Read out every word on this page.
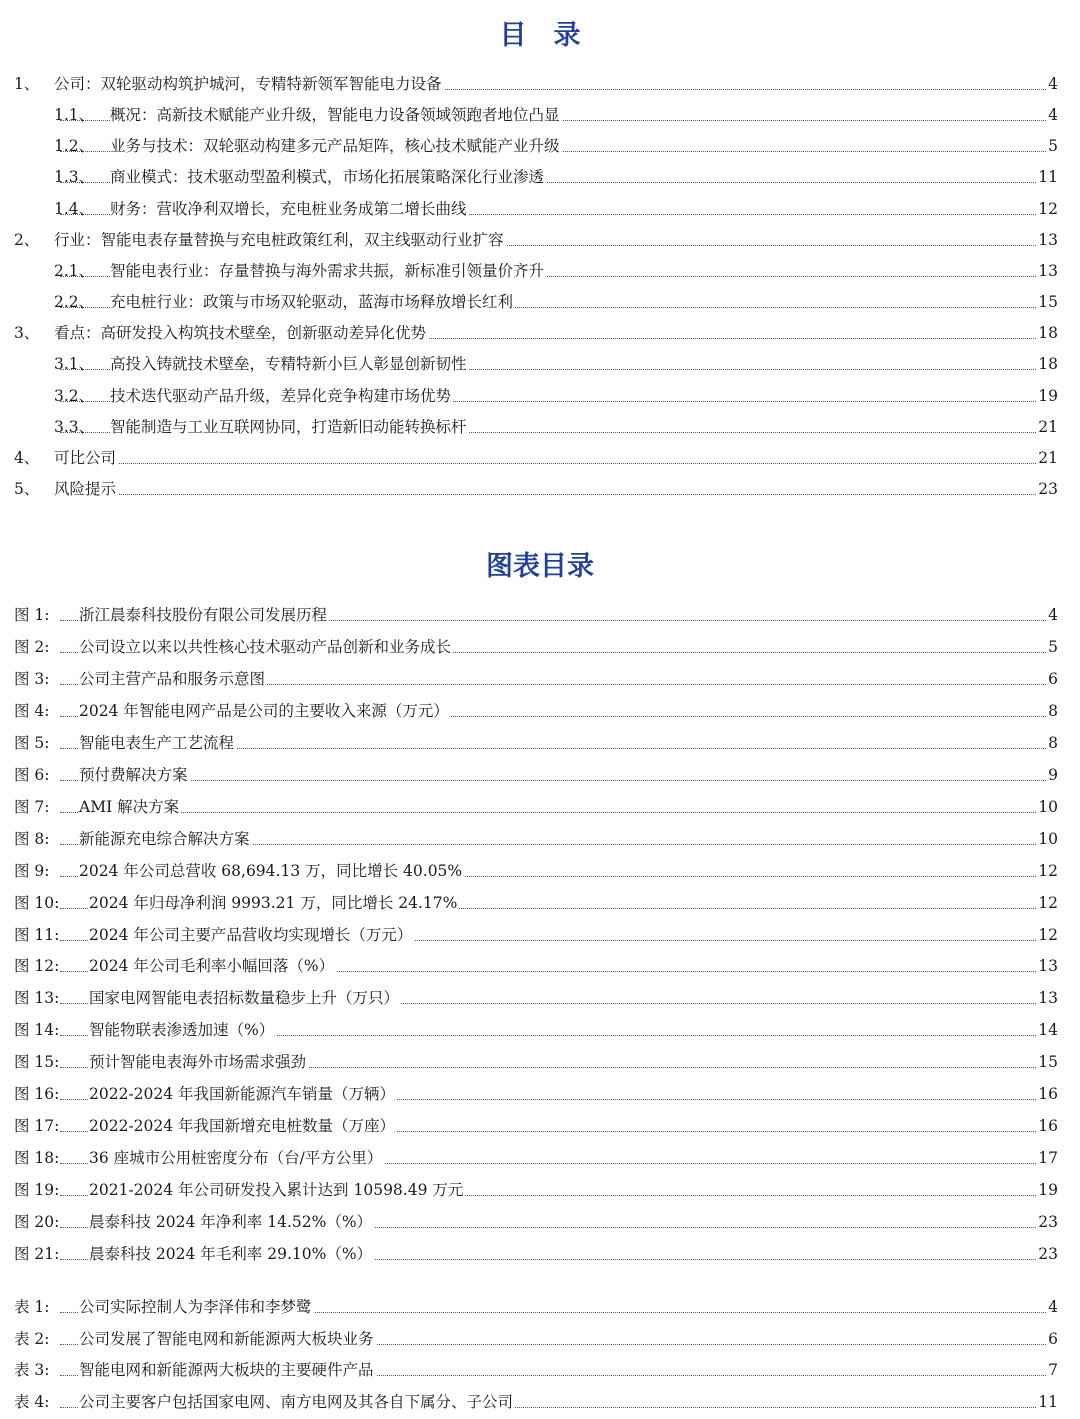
目　录
1、 公司：双轮驱动构筑护城河，专精特新领军智能电力设备	4
1.1、 概况：高新技术赋能产业升级，智能电力设备领域领跑者地位凸显	4
1.2、 业务与技术：双轮驱动构建多元产品矩阵，核心技术赋能产业升级	5
1.3、 商业模式：技术驱动型盈利模式，市场化拓展策略深化行业渗透	11
1.4、 财务：营收净利双增长，充电桩业务成第二增长曲线	12
2、 行业：智能电表存量替换与充电桩政策红利，双主线驱动行业扩容	13
2.1、 智能电表行业：存量替换与海外需求共振，新标准引领量价齐升	13
2.2、 充电桩行业：政策与市场双轮驱动，蓝海市场释放增长红利	15
3、 看点：高研发投入构筑技术壁垒，创新驱动差异化优势	18
3.1、 高投入铸就技术壁垒，专精特新小巨人彰显创新韧性	18
3.2、 技术迭代驱动产品升级，差异化竞争构建市场优势	19
3.3、 智能制造与工业互联网协同，打造新旧动能转换标杆	21
4、 可比公司	21
5、 风险提示	23
图表目录
图 1: 浙江晨泰科技股份有限公司发展历程	4
图 2: 公司设立以来以共性核心技术驱动产品创新和业务成长	5
图 3: 公司主营产品和服务示意图	6
图 4: 2024 年智能电网产品是公司的主要收入来源（万元）	8
图 5: 智能电表生产工艺流程	8
图 6: 预付费解决方案	9
图 7: AMI 解决方案	10
图 8: 新能源充电综合解决方案	10
图 9: 2024 年公司总营收 68,694.13 万，同比增长 40.05%	12
图 10: 2024 年归母净利润 9993.21 万，同比增长 24.17%	12
图 11: 2024 年公司主要产品营收均实现增长（万元）	12
图 12: 2024 年公司毛利率小幅回落（%）	13
图 13: 国家电网智能电表招标数量稳步上升（万只）	13
图 14: 智能物联表渗透加速（%）	14
图 15: 预计智能电表海外市场需求强劲	15
图 16: 2022-2024 年我国新能源汽车销量（万辆）	16
图 17: 2022-2024 年我国新增充电桩数量（万座）	16
图 18: 36 座城市公用桩密度分布（台/平方公里）	17
图 19: 2021-2024 年公司研发投入累计达到 10598.49 万元	19
图 20: 晨泰科技 2024 年净利率 14.52%（%）	23
图 21: 晨泰科技 2024 年毛利率 29.10%（%）	23
表 1: 公司实际控制人为李泽伟和李梦鹭	4
表 2: 公司发展了智能电网和新能源两大板块业务	6
表 3: 智能电网和新能源两大板块的主要硬件产品	7
表 4: 公司主要客户包括国家电网、南方电网及其各自下属分、子公司	11
